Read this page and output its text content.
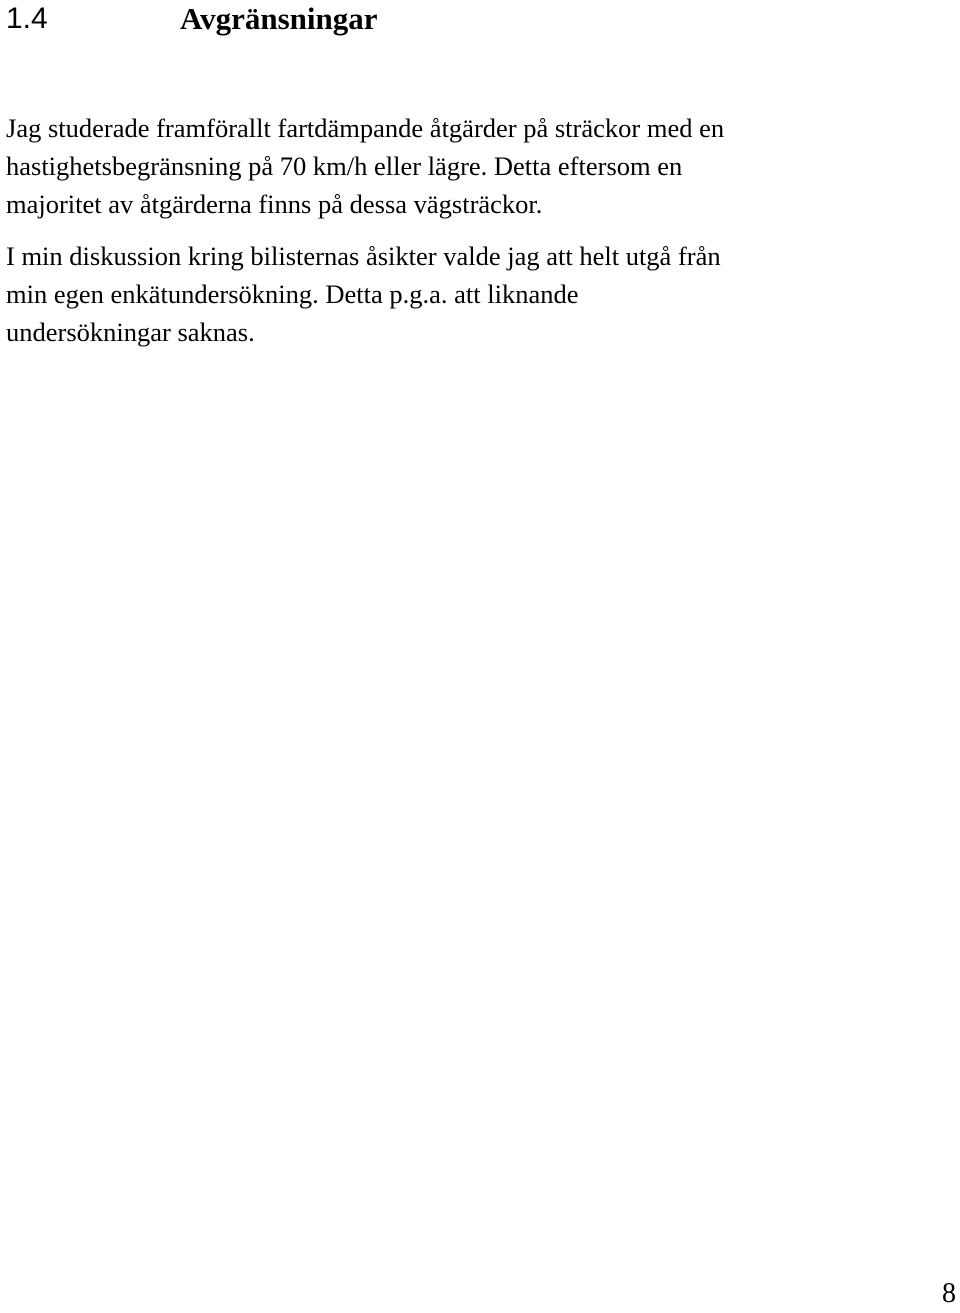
1.4	Avgränsningar

Jag studerade framförallt fartdämpande åtgärder på sträckor med en
hastighetsbegränsning på 70 km/h eller lägre. Detta eftersom en
majoritet av åtgärderna finns på dessa vägsträckor.

I min diskussion kring bilisternas åsikter valde jag att helt utgå från
min egen enkätundersökning. Detta p.g.a. att liknande
undersökningar saknas.

8
